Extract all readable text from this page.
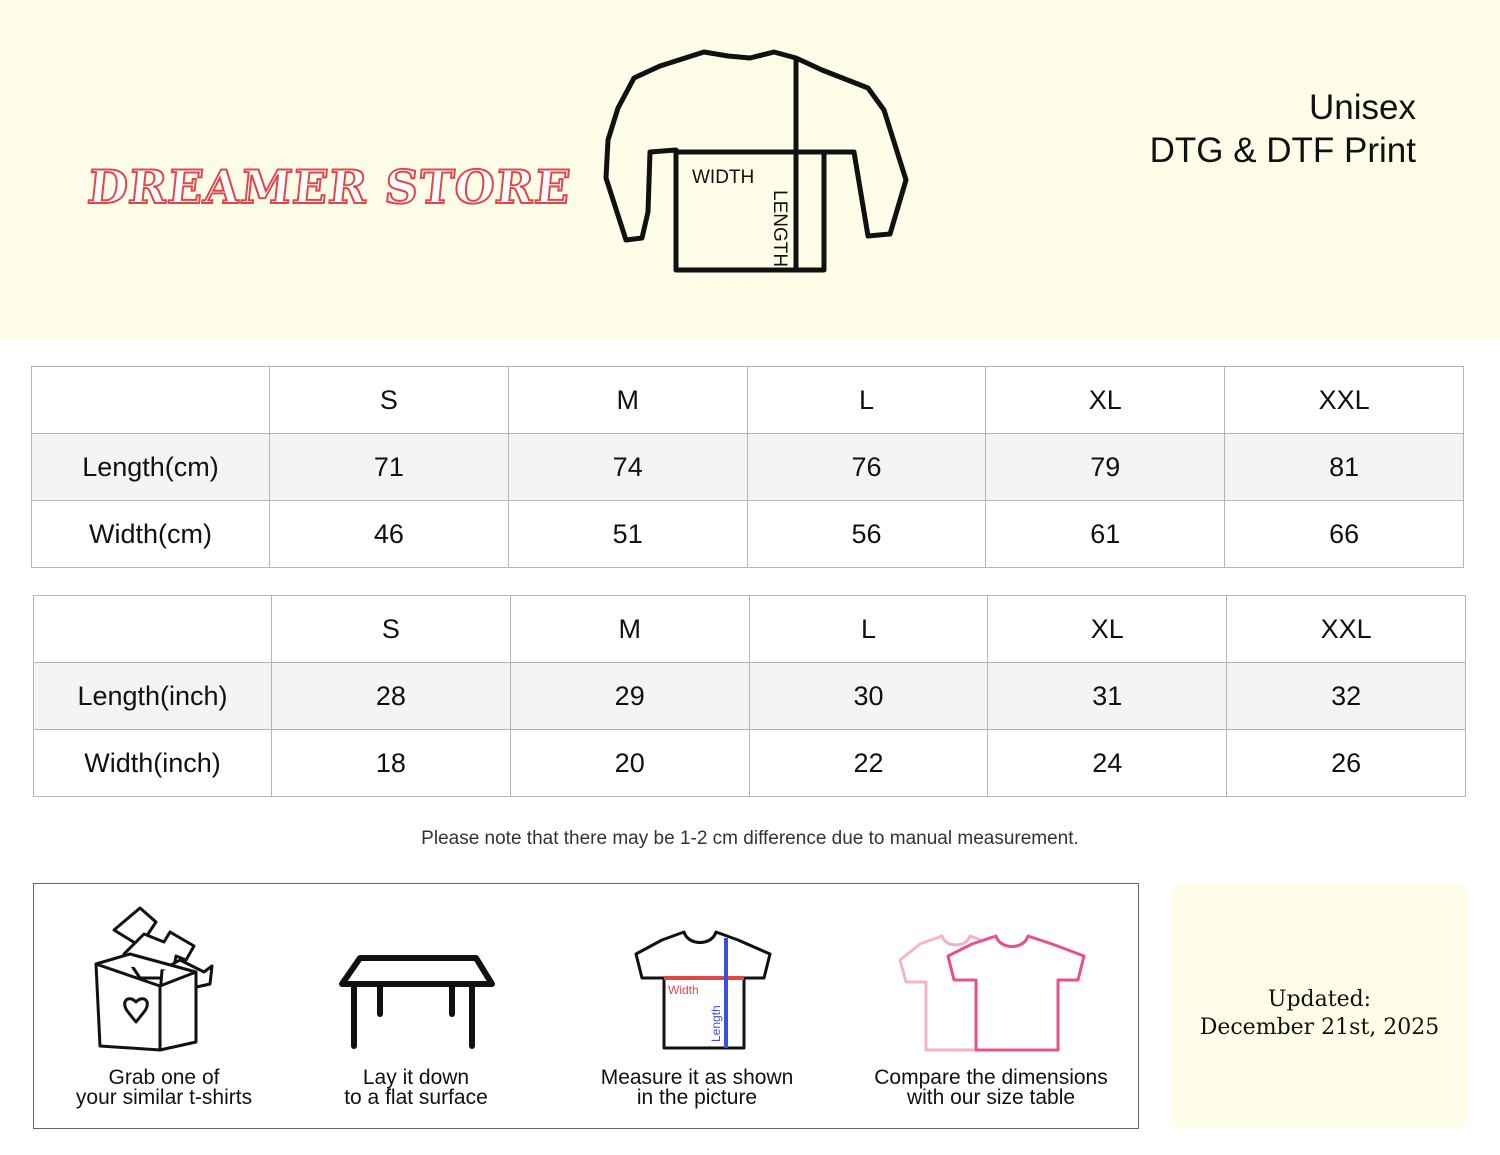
DREAMER STORE	WIDTH
LENGTH
Unisex
DTG & DTF Print
	S	M	L	XL	XXL
Length(cm)	71	74	76	79	81
Width(cm)	46	51	56	61	66
	S	M	L	XL	XXL
Length(inch)	28	29	30	31	32
Width(inch)	18	20	22	24	26
Please note that there may be 1-2 cm difference due to manual measurement.
Grab one of
your similar t-shirts
Lay it down
to a flat surface
Width
Length
Measure it as shown
in the picture
Compare the dimensions
with our size table
Updated:
December 21st, 2025
